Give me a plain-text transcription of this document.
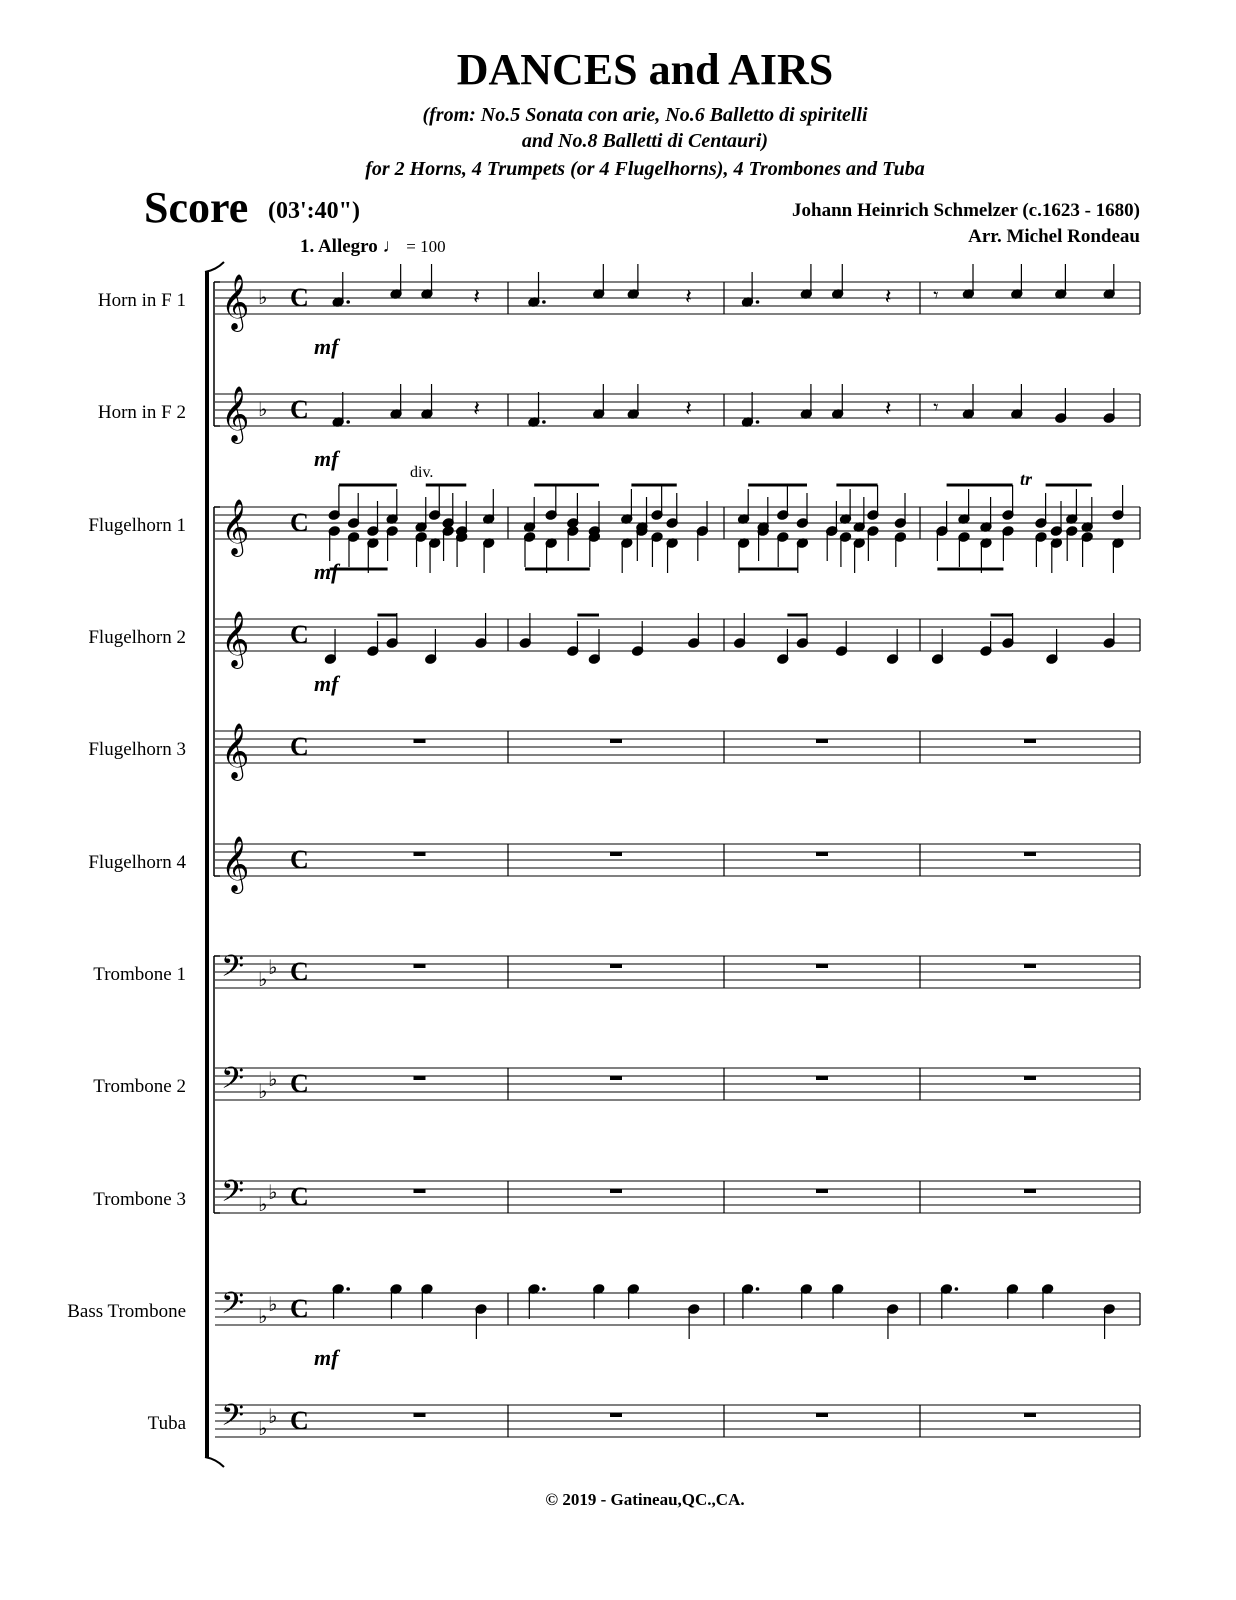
DANCES and AIRS
(from: No.5 Sonata con arie, No.6 Balletto di spiritelli
and No.8 Balletti di Centauri)
for 2 Horns, 4 Trumpets (or 4 Flugelhorns), 4 Trombones and Tuba
Score (03':40")	Johann Heinrich Schmelzer (c.1623 - 1680)
Arr. Michel Rondeau
1. Allegro ♩ = 100
Horn in F 1
Horn in F 2
Flugelhorn 1
Flugelhorn 2
Flugelhorn 3
Flugelhorn 4
Trombone 1
Trombone 2
Trombone 3
Bass Trombone
Tuba
𝄞 ♭ C
mf
𝄞 ♭ C
mf
𝄞 C
mf
𝄞 C
mf
𝄞 C
𝄞 C
𝄢 ♭ ♭ C
𝄢 ♭ ♭ C
𝄢 ♭ ♭ C
𝄢 ♭ ♭ C
mf
𝄢 ♭ ♭ C
𝄽	𝄽	𝄽 𝄾
𝄽	𝄽	𝄽 𝄾
div.	tr
© 2019 - Gatineau,QC.,CA.
